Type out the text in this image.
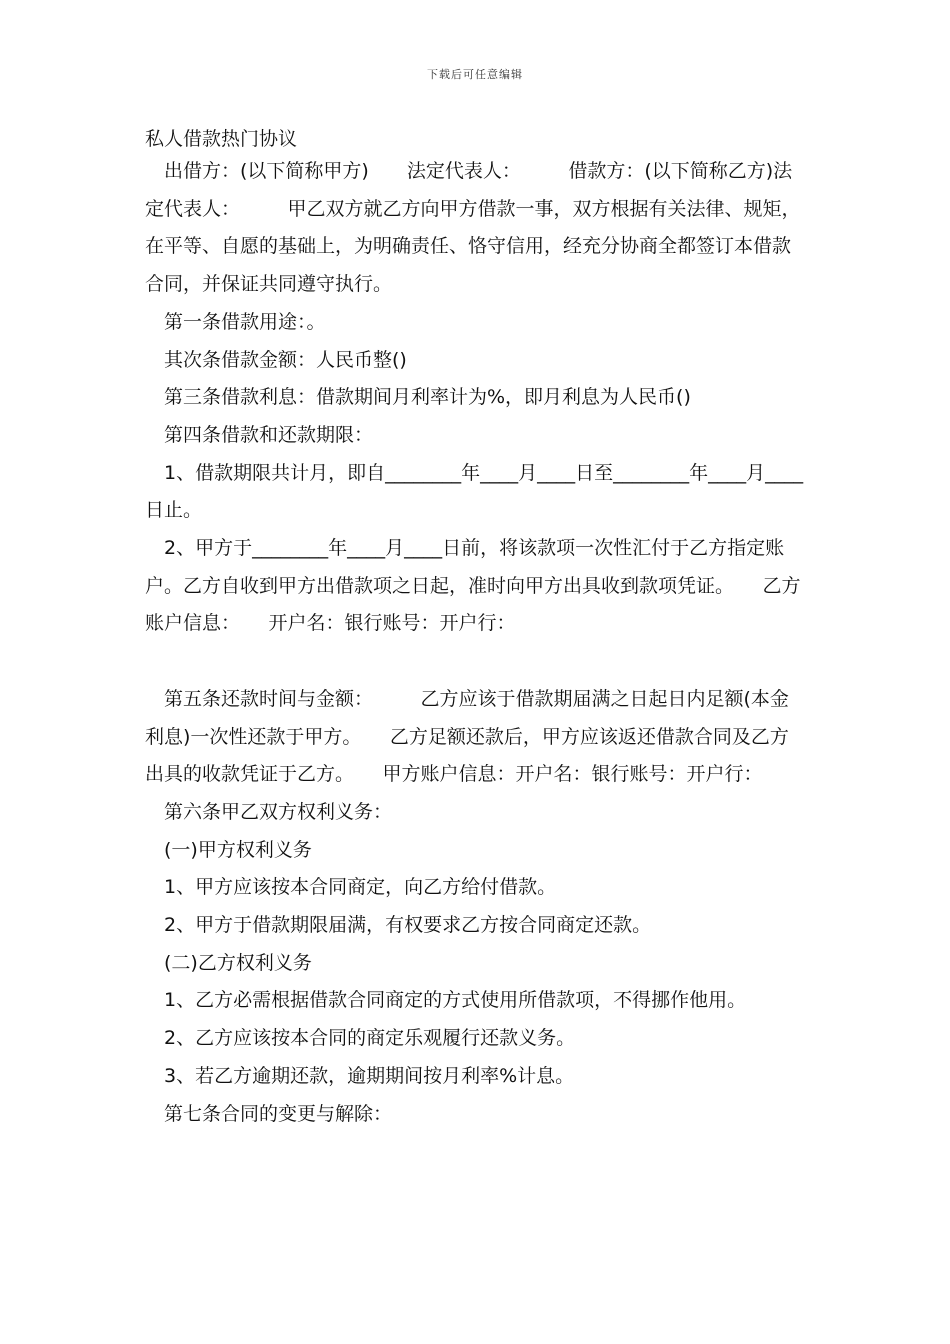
下载后可任意编辑
私人借款热门协议

出借方：(以下简称甲方)　　法定代表人：　　　借款方：(以下简称乙方)法定代表人：　　　甲乙双方就乙方向甲方借款一事，双方根据有关法律、规矩，在平等、自愿的基础上，为明确责任、恪守信用，经充分协商全都签订本借款合同，并保证共同遵守执行。

第一条借款用途：。

其次条借款金额：人民币整()

第三条借款利息：借款期间月利率计为%，即月利息为人民币()

第四条借款和还款期限：

1、借款期限共计月，即自________年____月____日至________年____月____日止。

2、甲方于________年____月____日前，将该款项一次性汇付于乙方指定账户。乙方自收到甲方出借款项之日起，准时向甲方出具收到款项凭证。　　乙方账户信息：　　开户名：银行账号：开户行：

第五条还款时间与金额：　　　乙方应该于借款期届满之日起日内足额(本金利息)一次性还款于甲方。　　乙方足额还款后，甲方应该返还借款合同及乙方出具的收款凭证于乙方。　　甲方账户信息：开户名：银行账号：开户行：

第六条甲乙双方权利义务：

(一)甲方权利义务

1、甲方应该按本合同商定，向乙方给付借款。

2、甲方于借款期限届满，有权要求乙方按合同商定还款。

(二)乙方权利义务

1、乙方必需根据借款合同商定的方式使用所借款项，不得挪作他用。

2、乙方应该按本合同的商定乐观履行还款义务。

3、若乙方逾期还款，逾期期间按月利率%计息。

第七条合同的变更与解除：
